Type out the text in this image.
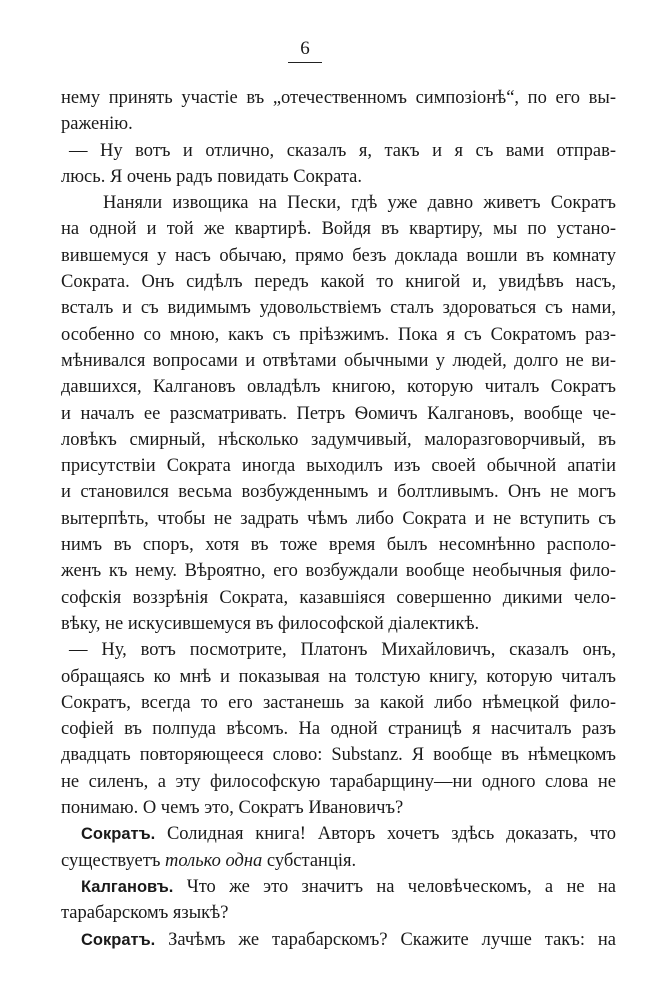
6
нему принять участіе въ „отечественномъ симпозіонѣ“, по его вы-
раженію.
— Ну вотъ и отлично, сказалъ я, такъ и я съ вами отправ-
люсь. Я очень радъ повидать Сократа.
Наняли извощика на Пески, гдѣ уже давно живетъ Сократъ
на одной и той же квартирѣ. Войдя въ квартиру, мы по устано-
вившемуся у насъ обычаю, прямо безъ доклада вошли въ комнату
Сократа. Онъ сидѣлъ передъ какой то книгой и, увидѣвъ насъ,
всталъ и съ видимымъ удовольствіемъ сталъ здороваться съ нами,
особенно со мною, какъ съ пріѣзжимъ. Пока я съ Сократомъ раз-
мѣнивался вопросами и отвѣтами обычными у людей, долго не ви-
давшихся, Калгановъ овладѣлъ книгою, которую читалъ Сократъ
и началъ ее разсматривать. Петръ Ѳомичъ Калгановъ, вообще че-
ловѣкъ смирный, нѣсколько задумчивый, малоразговорчивый, въ
присутствіи Сократа иногда выходилъ изъ своей обычной апатіи
и становился весьма возбужденнымъ и болтливымъ. Онъ не могъ
вытерпѣть, чтобы не задрать чѣмъ либо Сократа и не вступить съ
нимъ въ споръ, хотя въ тоже время былъ несомнѣнно располо-
женъ къ нему. Вѣроятно, его возбуждали вообще необычныя фило-
софскія воззрѣнія Сократа, казавшіяся совершенно дикими чело-
вѣку, не искусившемуся въ философской діалектикѣ.
— Ну, вотъ посмотрите, Платонъ Михайловичъ, сказалъ онъ,
обращаясь ко мнѣ и показывая на толстую книгу, которую читалъ
Сократъ, всегда то его застанешь за какой либо нѣмецкой фило-
софіей въ полпуда вѣсомъ. На одной страницѣ я насчиталъ разъ
двадцать повторяющееся слово: Substanz. Я вообще въ нѣмецкомъ
не силенъ, а эту философскую тарабарщину—ни одного слова не
понимаю. О чемъ это, Сократъ Ивановичъ?
Сократъ. Солидная книга! Авторъ хочетъ здѣсь доказать, что
существуетъ только одна субстанція.
Калгановъ. Что же это значитъ на человѣческомъ, а не на
тарабарскомъ языкѣ?
Сократъ. Зачѣмъ же тарабарскомъ? Скажите лучше такъ: на
